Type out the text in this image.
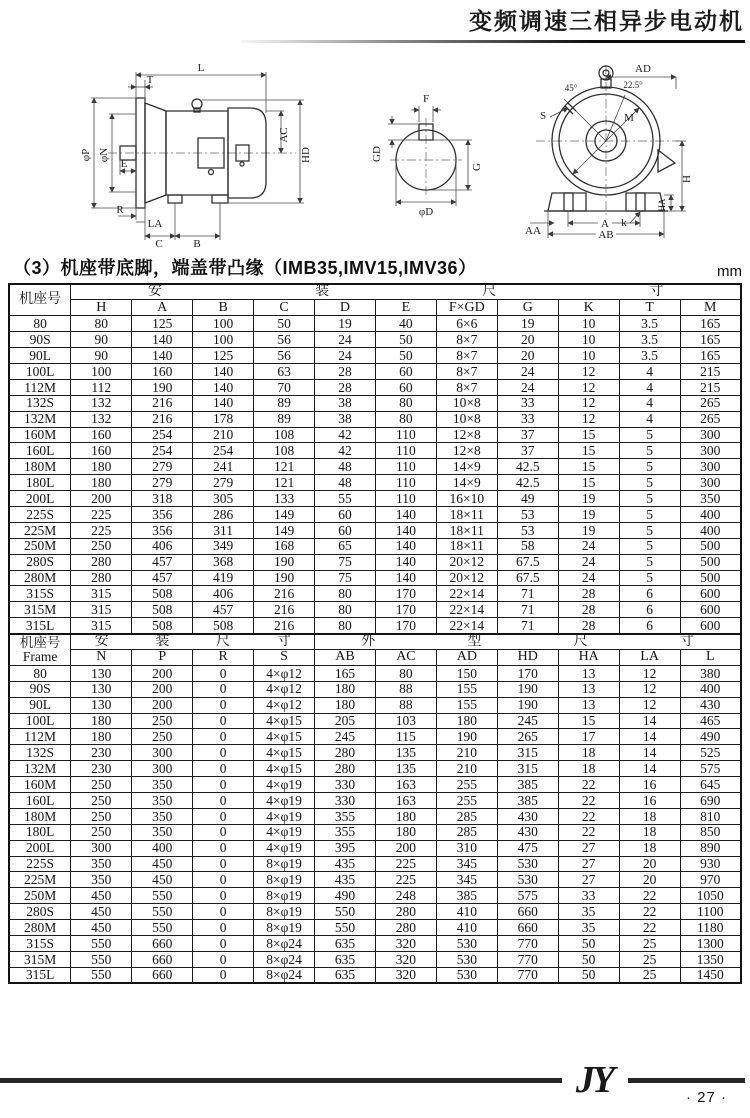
变频调速三相异步电动机
L
T
AC
HD
φP φN
E
R
LA
C	B
F
GD
G
φD
AD
45°	22.5°
S	M
HA
H
AA
k
A
AB
（3）机座带底脚，端盖带凸缘（IMB35,IMV15,IMV36）	mm
机座号	安 装 尺 寸										

	H	A	B	C	D	E	F×GD	G	K	T	M
80	80	125	100	50	19	40	6×6	19	10	3.5	165
90S	90	140	100	56	24	50	8×7	20	10	3.5	165
90L	90	140	125	56	24	50	8×7	20	10	3.5	165
100L	100	160	140	63	28	60	8×7	24	12	4	215
112M	112	190	140	70	28	60	8×7	24	12	4	215
132S	132	216	140	89	38	80	10×8	33	12	4	265
132M	132	216	178	89	38	80	10×8	33	12	4	265
160M	160	254	210	108	42	110	12×8	37	15	5	300
160L	160	254	254	108	42	110	12×8	37	15	5	300
180M	180	279	241	121	48	110	14×9	42.5	15	5	300
180L	180	279	279	121	48	110	14×9	42.5	15	5	300
200L	200	318	305	133	55	110	16×10	49	19	5	350
225S	225	356	286	149	60	140	18×11	53	19	5	400
225M	225	356	311	149	60	140	18×11	53	19	5	400
250M	250	406	349	168	65	140	18×11	58	24	5	500
280S	280	457	368	190	75	140	20×12	67.5	24	5	500
280M	280	457	419	190	75	140	20×12	67.5	24	5	500
315S	315	508	406	216	80	170	22×14	71	28	6	600
315M	315	508	457	216	80	170	22×14	71	28	6	600
315L	315	508	508	216	80	170	22×14	71	28	6	600
机座号
Frame

安	装	尺	寸	外	型	尺	寸

	N	P	R	S	AB	AC	AD	HD	HA	LA	L
80	130	200	0	4×φ12	165	80	150	170	13	12	380
90S	130	200	0	4×φ12	180	88	155	190	13	12	400
90L	130	200	0	4×φ12	180	88	155	190	13	12	430
100L	180	250	0	4×φ15	205	103	180	245	15	14	465
112M	180	250	0	4×φ15	245	115	190	265	17	14	490
132S	230	300	0	4×φ15	280	135	210	315	18	14	525
132M	230	300	0	4×φ15	280	135	210	315	18	14	575
160M	250	350	0	4×φ19	330	163	255	385	22	16	645
160L	250	350	0	4×φ19	330	163	255	385	22	16	690
180M	250	350	0	4×φ19	355	180	285	430	22	18	810
180L	250	350	0	4×φ19	355	180	285	430	22	18	850
200L	300	400	0	4×φ19	395	200	310	475	27	18	890
225S	350	450	0	8×φ19	435	225	345	530	27	20	930
225M	350	450	0	8×φ19	435	225	345	530	27	20	970
250M	450	550	0	8×φ19	490	248	385	575	33	22	1050
280S	450	550	0	8×φ19	550	280	410	660	35	22	1100
280M	450	550	0	8×φ19	550	280	410	660	35	22	1180
315S	550	660	0	8×φ24	635	320	530	770	50	25	1300
315M	550	660	0	8×φ24	635	320	530	770	50	25	1350
315L	550	660	0	8×φ24	635	320	530	770	50	25	1450
JY	· 27 ·
